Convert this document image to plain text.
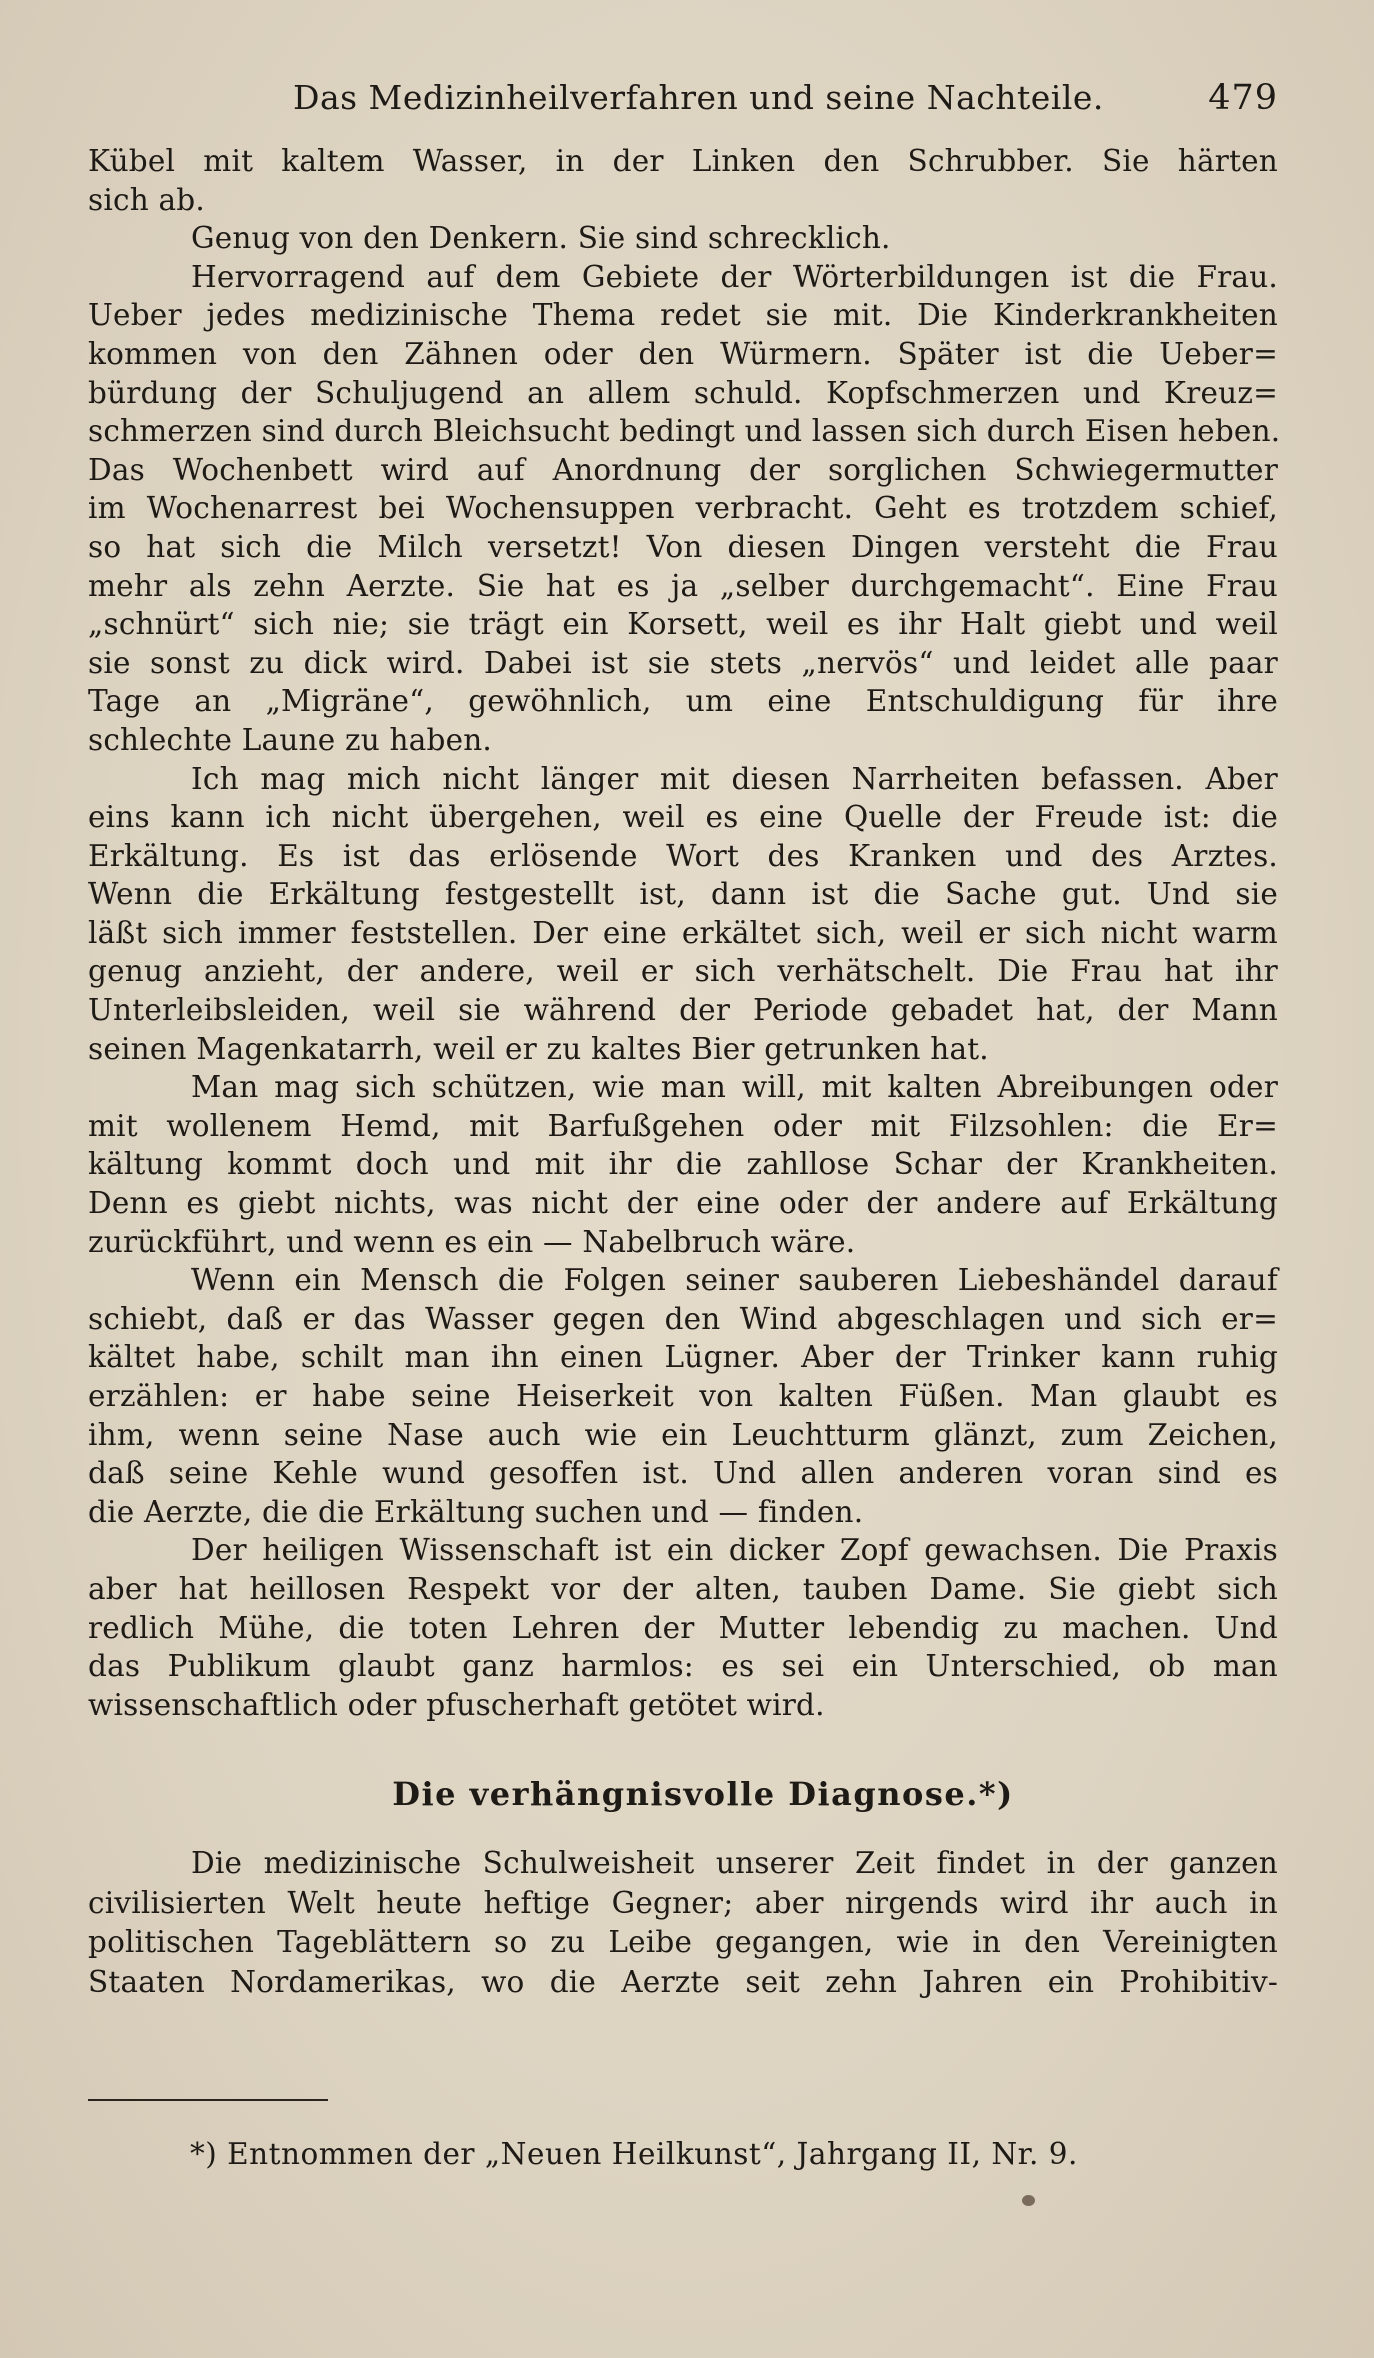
Das Medizinheilverfahren und seine Nachteile.	479
Kübel mit kaltem Wasser, in der Linken den Schrubber. Sie härten
sich ab.
Genug von den Denkern. Sie sind schrecklich.
Hervorragend auf dem Gebiete der Wörterbildungen ist die Frau.
Ueber jedes medizinische Thema redet sie mit. Die Kinderkrankheiten
kommen von den Zähnen oder den Würmern. Später ist die Ueber=
bürdung der Schuljugend an allem schuld. Kopfschmerzen und Kreuz=
schmerzen sind durch Bleichsucht bedingt und lassen sich durch Eisen heben.
Das Wochenbett wird auf Anordnung der sorglichen Schwiegermutter
im Wochenarrest bei Wochensuppen verbracht. Geht es trotzdem schief,
so hat sich die Milch versetzt! Von diesen Dingen versteht die Frau
mehr als zehn Aerzte. Sie hat es ja „selber durchgemacht“. Eine Frau
„schnürt“ sich nie; sie trägt ein Korsett, weil es ihr Halt giebt und weil
sie sonst zu dick wird. Dabei ist sie stets „nervös“ und leidet alle paar
Tage an „Migräne“, gewöhnlich, um eine Entschuldigung für ihre
schlechte Laune zu haben.
Ich mag mich nicht länger mit diesen Narrheiten befassen. Aber
eins kann ich nicht übergehen, weil es eine Quelle der Freude ist: die
Erkältung. Es ist das erlösende Wort des Kranken und des Arztes.
Wenn die Erkältung festgestellt ist, dann ist die Sache gut. Und sie
läßt sich immer feststellen. Der eine erkältet sich, weil er sich nicht warm
genug anzieht, der andere, weil er sich verhätschelt. Die Frau hat ihr
Unterleibsleiden, weil sie während der Periode gebadet hat, der Mann
seinen Magenkatarrh, weil er zu kaltes Bier getrunken hat.
Man mag sich schützen, wie man will, mit kalten Abreibungen oder
mit wollenem Hemd, mit Barfußgehen oder mit Filzsohlen: die Er=
kältung kommt doch und mit ihr die zahllose Schar der Krankheiten.
Denn es giebt nichts, was nicht der eine oder der andere auf Erkältung
zurückführt, und wenn es ein — Nabelbruch wäre.
Wenn ein Mensch die Folgen seiner sauberen Liebeshändel darauf
schiebt, daß er das Wasser gegen den Wind abgeschlagen und sich er=
kältet habe, schilt man ihn einen Lügner. Aber der Trinker kann ruhig
erzählen: er habe seine Heiserkeit von kalten Füßen. Man glaubt es
ihm, wenn seine Nase auch wie ein Leuchtturm glänzt, zum Zeichen,
daß seine Kehle wund gesoffen ist. Und allen anderen voran sind es
die Aerzte, die die Erkältung suchen und — finden.
Der heiligen Wissenschaft ist ein dicker Zopf gewachsen. Die Praxis
aber hat heillosen Respekt vor der alten, tauben Dame. Sie giebt sich
redlich Mühe, die toten Lehren der Mutter lebendig zu machen. Und
das Publikum glaubt ganz harmlos: es sei ein Unterschied, ob man
wissenschaftlich oder pfuscherhaft getötet wird.
Die verhängnisvolle Diagnose.*)
Die medizinische Schulweisheit unserer Zeit findet in der ganzen
civilisierten Welt heute heftige Gegner; aber nirgends wird ihr auch in
politischen Tageblättern so zu Leibe gegangen, wie in den Vereinigten
Staaten Nordamerikas, wo die Aerzte seit zehn Jahren ein Prohibitiv-
*) Entnommen der „Neuen Heilkunst“, Jahrgang II, Nr. 9.
